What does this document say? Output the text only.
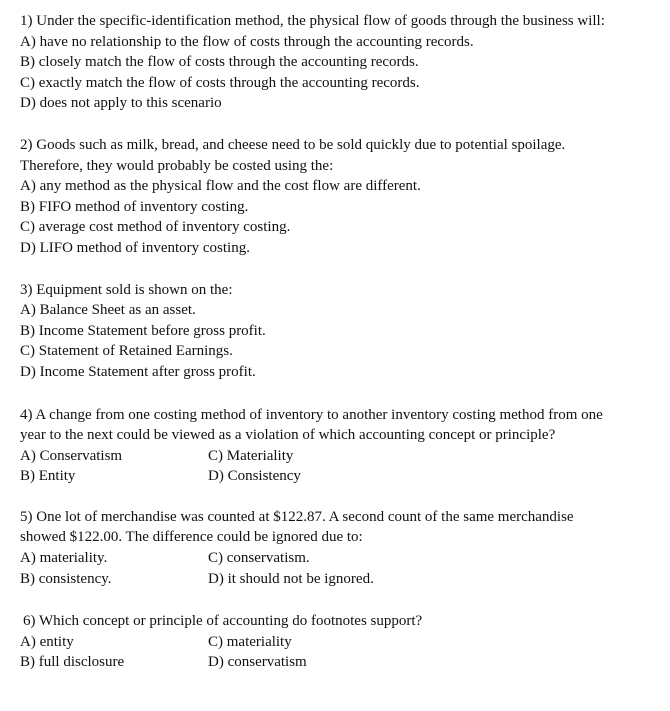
1) Under the specific-identification method, the physical flow of goods through the business will:
A) have no relationship to the flow of costs through the accounting records.
B) closely match the flow of costs through the accounting records.
C) exactly match the flow of costs through the accounting records.
D) does not apply to this scenario
2) Goods such as milk, bread, and cheese need to be sold quickly due to potential spoilage.
Therefore, they would probably be costed using the:
A) any method as the physical flow and the cost flow are different.
B) FIFO method of inventory costing.
C) average cost method of inventory costing.
D) LIFO method of inventory costing.
3) Equipment sold is shown on the:
A) Balance Sheet as an asset.
B) Income Statement before gross profit.
C) Statement of Retained Earnings.
D) Income Statement after gross profit.
4) A change from one costing method of inventory to another inventory costing method from one
year to the next could be viewed as a violation of which accounting concept or principle?
A) Conservatism	C) Materiality
B) Entity	D) Consistency
5) One lot of merchandise was counted at $122.87. A second count of the same merchandise
showed $122.00. The difference could be ignored due to:
A) materiality.	C) conservatism.
B) consistency.	D) it should not be ignored.
6) Which concept or principle of accounting do footnotes support?
A) entity	C) materiality
B) full disclosure	D) conservatism
